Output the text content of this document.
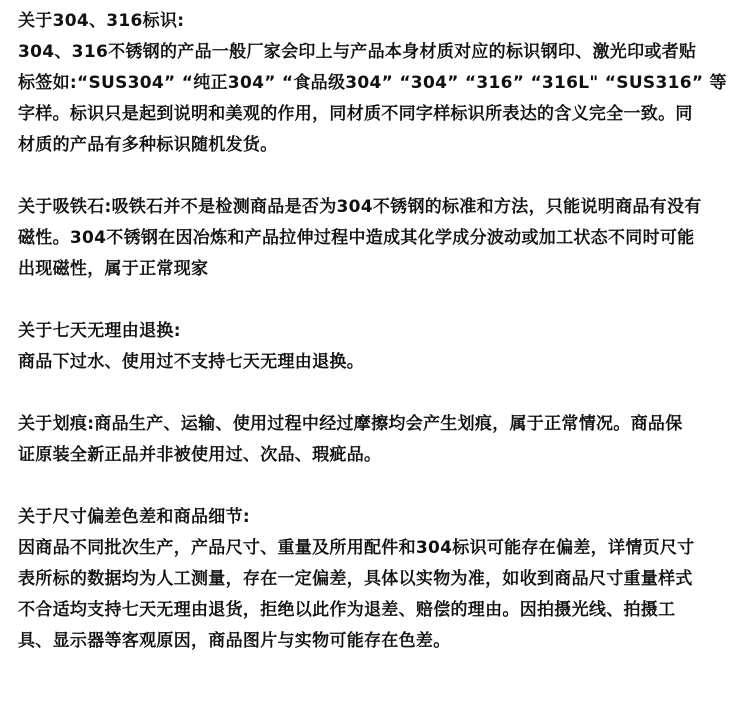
关于304、316标识:
304、316不锈钢的产品一般厂家会印上与产品本身材质对应的标识钢印、激光印或者贴
标签如:“SUS304” “纯正304” “食品级304” “304” “316” “316L" “SUS316” 等
字样。标识只是起到说明和美观的作用，同材质不同字样标识所表达的含义完全一致。同
材质的产品有多种标识随机发货。
关于吸铁石:吸铁石并不是检测商品是否为304不锈钢的标准和方法，只能说明商品有没有
磁性。304不锈钢在因冶炼和产品拉伸过程中造成其化学成分波动或加工状态不同时可能
出现磁性，属于正常现家
关于七天无理由退换:
商品下过水、使用过不支持七天无理由退换。
关于划痕:商品生产、运输、使用过程中经过摩擦均会产生划痕，属于正常情况。商品保
证原装全新正品并非被使用过、次品、瑕疵品。
关于尺寸偏差色差和商品细节:
因商品不同批次生产，产品尺寸、重量及所用配件和304标识可能存在偏差，详情页尺寸
表所标的数据均为人工测量，存在一定偏差，具体以实物为准，如收到商品尺寸重量样式
不合适均支持七天无理由退货，拒绝以此作为退差、赔偿的理由。因拍摄光线、拍摄工
具、显示器等客观原因，商品图片与实物可能存在色差。
